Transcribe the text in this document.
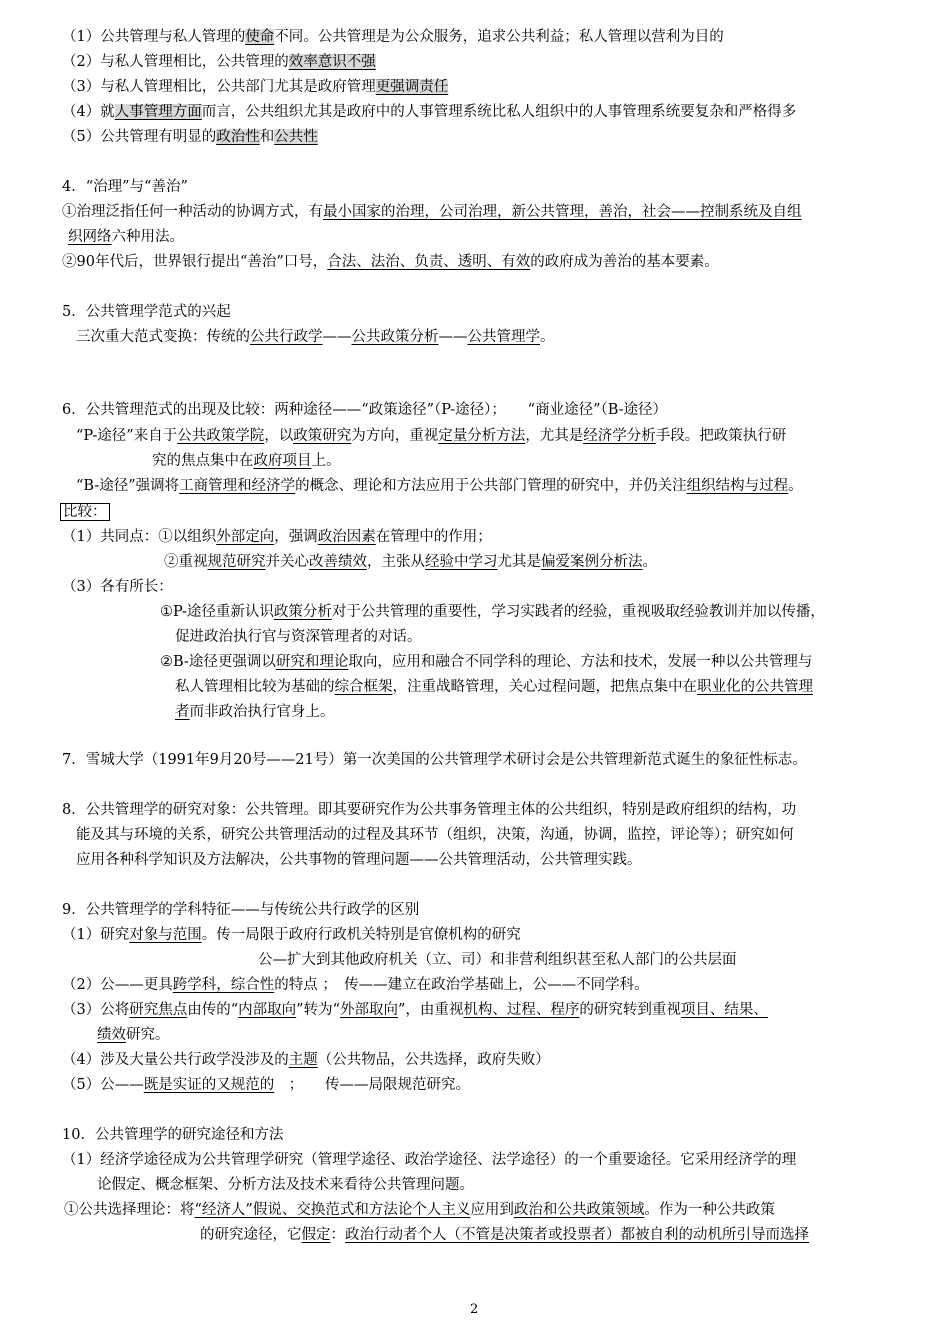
（1）公共管理与私人管理的使命不同。公共管理是为公众服务，追求公共利益；私人管理以营利为目的
（2）与私人管理相比，公共管理的效率意识不强
（3）与私人管理相比，公共部门尤其是政府管理更强调责任
（4）就人事管理方面而言，公共组织尤其是政府中的人事管理系统比私人组织中的人事管理系统要复杂和严格得多
（5）公共管理有明显的政治性和公共性
4．“治理”与“善治”
①治理泛指任何一种活动的协调方式，有最小国家的治理，公司治理，新公共管理，善治，社会——控制系统及自组
织网络六种用法。
②90年代后，世界银行提出“善治”口号，合法、法治、负责、透明、有效的政府成为善治的基本要素。
5．公共管理学范式的兴起
三次重大范式变换：传统的公共行政学——公共政策分析——公共管理学。
6．公共管理范式的出现及比较：两种途径——“政策途径”（P-途径）；　　“商业途径”（B-途径）
“P-途径”来自于公共政策学院，以政策研究为方向，重视定量分析方法，尤其是经济学分析手段。把政策执行研
究的焦点集中在政府项目上。
“B-途径”强调将工商管理和经济学的概念、理论和方法应用于公共部门管理的研究中，并仍关注组织结构与过程。
比较：
（1）共同点：①以组织外部定向，强调政治因素在管理中的作用；
②重视规范研究并关心改善绩效，主张从经验中学习尤其是偏爱案例分析法。
（3）各有所长：
①P-途径重新认识政策分析对于公共管理的重要性，学习实践者的经验，重视吸取经验教训并加以传播，
促进政治执行官与资深管理者的对话。
②B-途径更强调以研究和理论取向，应用和融合不同学科的理论、方法和技术，发展一种以公共管理与
私人管理相比较为基础的综合框架，注重战略管理，关心过程问题，把焦点集中在职业化的公共管理
者而非政治执行官身上。
7．雪城大学（1991年9月20号——21号）第一次美国的公共管理学术研讨会是公共管理新范式诞生的象征性标志。
8．公共管理学的研究对象：公共管理。即其要研究作为公共事务管理主体的公共组织，特别是政府组织的结构，功
能及其与环境的关系，研究公共管理活动的过程及其环节（组织，决策，沟通，协调，监控，评论等）；研究如何
应用各种科学知识及方法解决，公共事物的管理问题——公共管理活动，公共管理实践。
9．公共管理学的学科特征——与传统公共行政学的区别
（1）研究对象与范围。传一局限于政府行政机关特别是官僚机构的研究
公—扩大到其他政府机关（立、司）和非营利组织甚至私人部门的公共层面
（2）公——更具跨学科，综合性的特点 ；　传——建立在政治学基础上，公——不同学科。
（3）公将研究焦点由传的“内部取向”转为“外部取向”，由重视机构、过程、程序的研究转到重视项目、结果、
绩效研究。
（4）涉及大量公共行政学没涉及的主题（公共物品，公共选择，政府失败）
（5）公——既是实证的又规范的　；　　传——局限规范研究。
10．公共管理学的研究途径和方法
（1）经济学途径成为公共管理学研究（管理学途径、政治学途径、法学途径）的一个重要途径。它采用经济学的理
论假定、概念框架、分析方法及技术来看待公共管理问题。
①公共选择理论：将“经济人”假说、交换范式和方法论个人主义应用到政治和公共政策领域。作为一种公共政策
的研究途径，它假定：政治行动者个人（不管是决策者或投票者）都被自利的动机所引导而选择
2
